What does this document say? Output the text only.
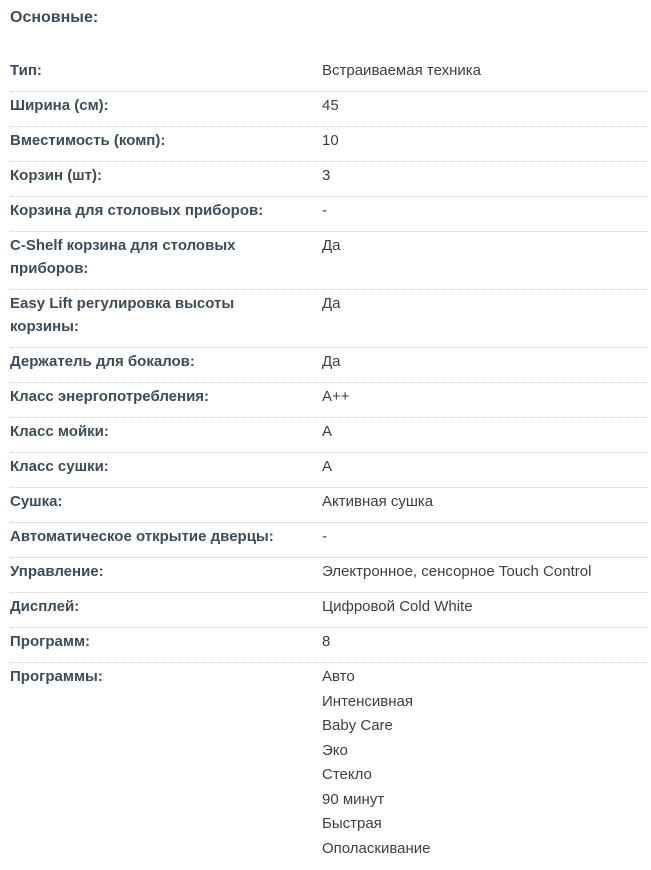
Основные:
Тип:	Встраиваемая техника
Ширина (см):	45
Вместимость (комп):	10
Корзин (шт):	3
Корзина для столовых приборов:	-
C-Shelf корзина для столовых приборов:
Да
Easy Lift регулировка высоты корзины:
Да
Держатель для бокалов:	Да
Класс энергопотребления:	А++
Класс мойки:	А
Класс сушки:	А
Сушка:	Активная сушка
Автоматическое открытие дверцы:	-
Управление:	Электронное, сенсорное Touch Control
Дисплей:	Цифровой Cold White
Программ:	8
Программы:	Авто
Интенсивная
Baby Care
Эко
Стекло
90 минут
Быстрая
Ополаскивание
